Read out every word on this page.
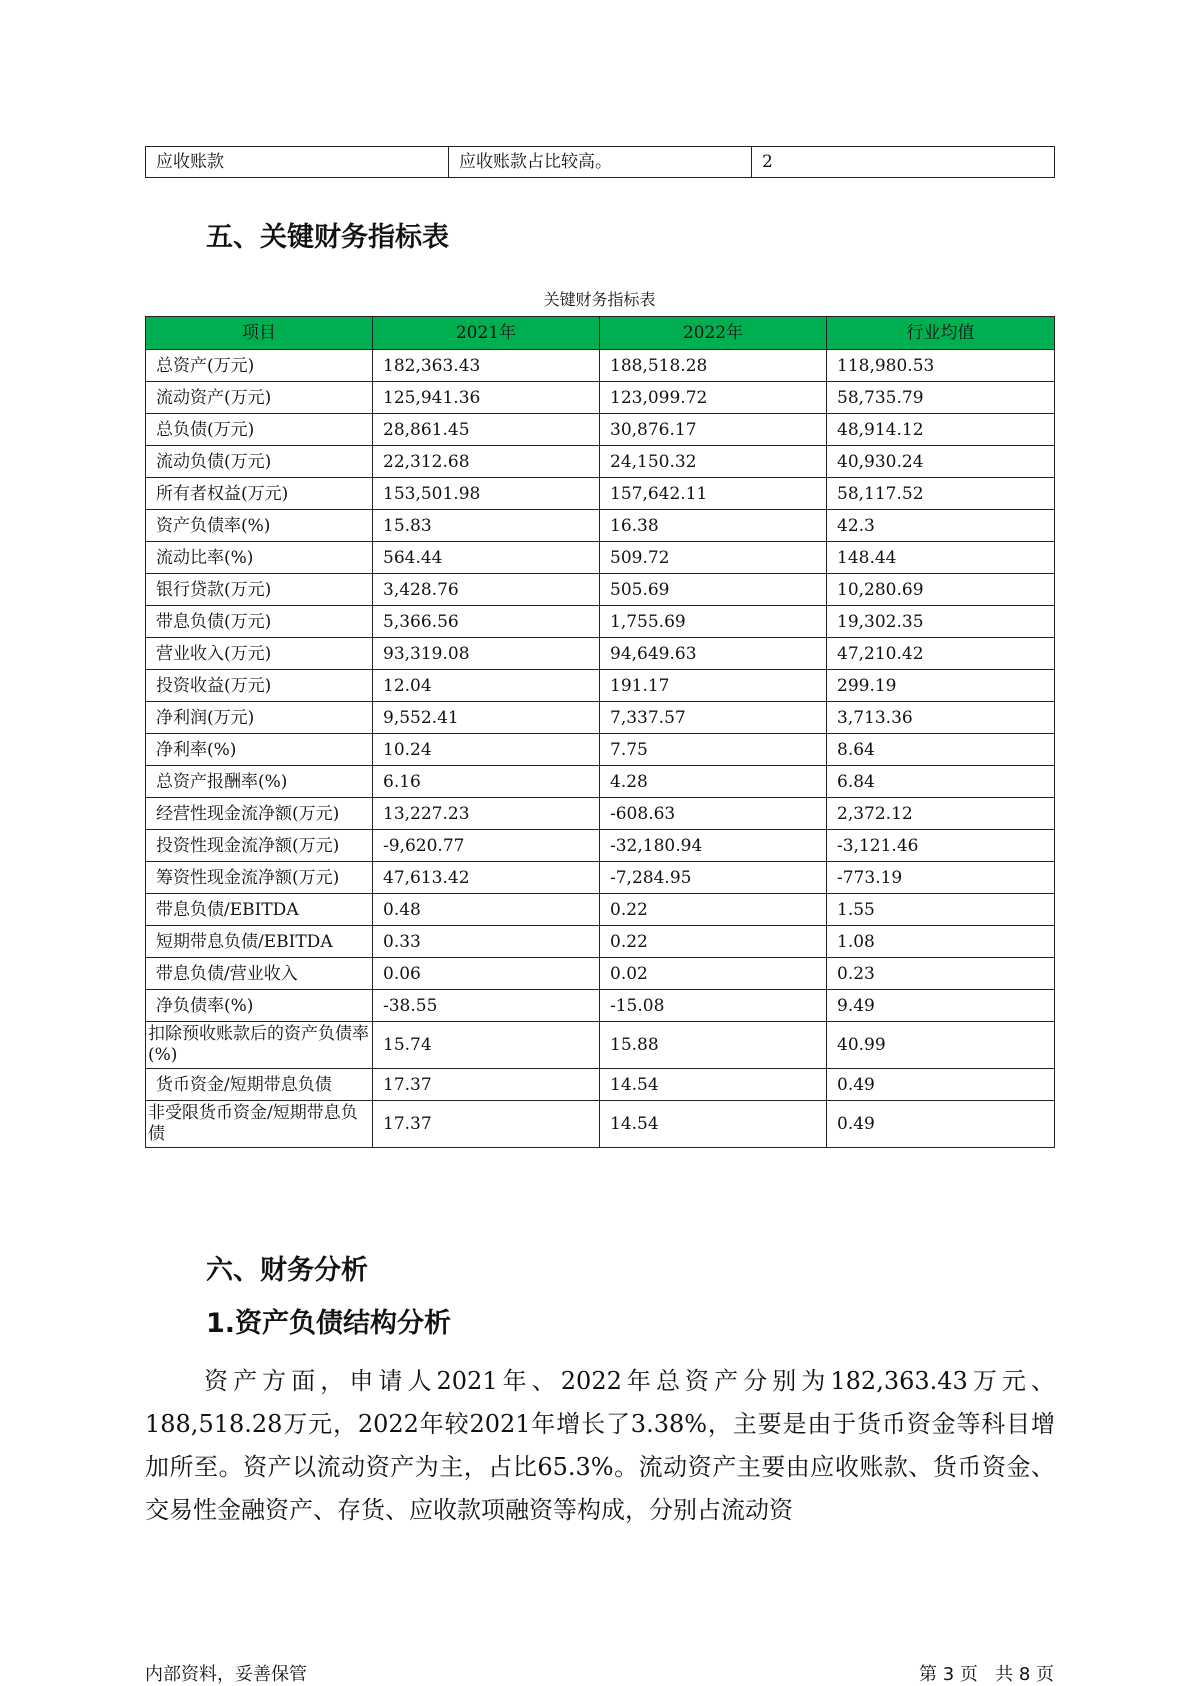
应收账款	应收账款占比较高。	2
五、关键财务指标表
关键财务指标表
项目	2021年	2022年	行业均值
总资产(万元)	182,363.43	188,518.28	118,980.53
流动资产(万元)	125,941.36	123,099.72	58,735.79
总负债(万元)	28,861.45	30,876.17	48,914.12
流动负债(万元)	22,312.68	24,150.32	40,930.24
所有者权益(万元)	153,501.98	157,642.11	58,117.52
资产负债率(%)	15.83	16.38	42.3
流动比率(%)	564.44	509.72	148.44
银行贷款(万元)	3,428.76	505.69	10,280.69
带息负债(万元)	5,366.56	1,755.69	19,302.35
营业收入(万元)	93,319.08	94,649.63	47,210.42
投资收益(万元)	12.04	191.17	299.19
净利润(万元)	9,552.41	7,337.57	3,713.36
净利率(%)	10.24	7.75	8.64
总资产报酬率(%)	6.16	4.28	6.84
经营性现金流净额(万元)	13,227.23	-608.63	2,372.12
投资性现金流净额(万元)	-9,620.77	-32,180.94	-3,121.46
筹资性现金流净额(万元)	47,613.42	-7,284.95	-773.19
带息负债/EBITDA	0.48	0.22	1.55
短期带息负债/EBITDA	0.33	0.22	1.08
带息负债/营业收入	0.06	0.02	0.23
净负债率(%)	-38.55	-15.08	9.49
扣除预收账款后的资产负债率(%)	15.74	15.88	40.99
货币资金/短期带息负债	17.37	14.54	0.49
非受限货币资金/短期带息负债	17.37	14.54	0.49
六、财务分析
1.资产负债结构分析
资产方面，申请人2021年、2022年总资产分别为182,363.43万元、188,518.28万元，2022年较2021年增长了3.38%，主要是由于货币资金等科目增加所至。资产以流动资产为主，占比65.3%。流动资产主要由应收账款、货币资金、交易性金融资产、存货、应收款项融资等构成，分别占流动资
内部资料，妥善保管	第 3 页   共 8 页
